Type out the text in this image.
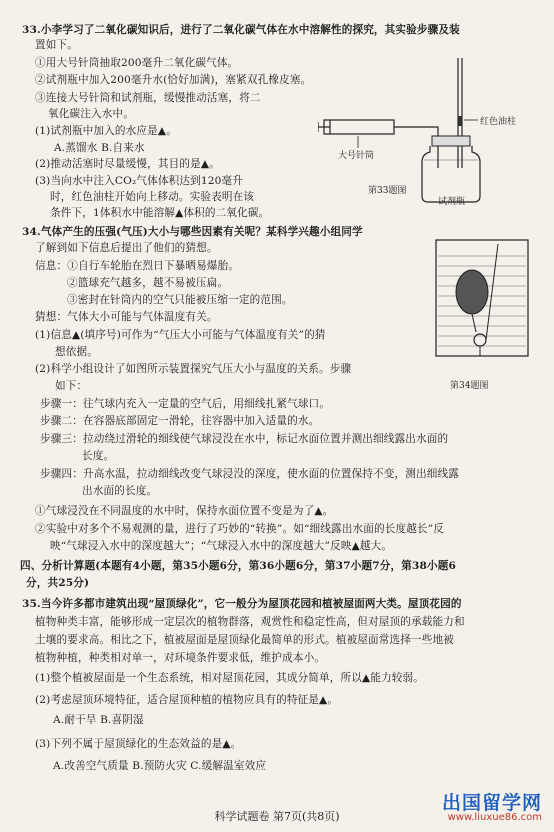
33.小李学习了二氧化碳知识后，进行了二氧化碳气体在水中溶解性的探究，其实验步骤及装
置如下。
①用大号针筒抽取200毫升二氧化碳气体。
②试剂瓶中加入200毫升水(恰好加满)，塞紧双孔橡皮塞。
③连接大号针筒和试剂瓶，缓慢推动活塞，将二
氧化碳注入水中。
(1)试剂瓶中加入的水应是▲。
A.蒸馏水 B.自来水
(2)推动活塞时尽量缓慢，其目的是▲。
(3)当向水中注入CO₂气体体积达到120毫升
时，红色油柱开始向上移动。实验表明在该
条件下，1体积水中能溶解▲体积的二氧化碳。
34.气体产生的压强(气压)大小与哪些因素有关呢？某科学兴趣小组同学
了解到如下信息后提出了他们的猜想。
信息：①自行车轮胎在烈日下暴晒易爆胎。
②篮球充气越多，越不易被压扁。
③密封在针筒内的空气只能被压缩一定的范围。
猜想：气体大小可能与气体温度有关。
(1)信息▲(填序号)可作为“气压大小可能与气体温度有关”的猜
想依据。
(2)科学小组设计了如图所示装置探究气压大小与温度的关系。步骤
如下：
步骤一：往气球内充入一定量的空气后，用细线扎紧气球口。
步骤二：在容器底部固定一滑轮，往容器中加入适量的水。
步骤三：拉动绕过滑轮的细线使气球浸没在水中，标记水面位置并测出细线露出水面的
长度。
步骤四：升高水温，拉动细线改变气球浸没的深度，使水面的位置保持不变，测出细线露
出水面的长度。
①气球浸没在不同温度的水中时，保持水面位置不变是为了▲。
②实验中对多个不易观测的量，进行了巧妙的“转换”。如“细线露出水面的长度越长”反
映“气球浸入水中的深度越大”；“气球浸入水中的深度越大”反映▲越大。
四、分析计算题(本题有4小题，第35小题6分，第36小题6分，第37小题7分，第38小题6
分，共25分)
35.当今许多都市建筑出现“屋顶绿化”，它一般分为屋顶花园和植被屋面两大类。屋顶花园的
植物种类丰富，能够形成一定层次的植物群落，观赏性和稳定性高，但对屋顶的承载能力和
土壤的要求高。相比之下，植被屋面是屋顶绿化最简单的形式。植被屋面常选择一些地被
植物种植，种类相对单一，对环境条件要求低，维护成本小。
(1)整个植被屋面是一个生态系统，相对屋顶花园，其成分简单，所以▲能力较弱。
(2)考虑屋顶环境特征，适合屋顶种植的植物应具有的特征是▲。
A.耐干旱 B.喜阴湿
(3)下列不属于屋顶绿化的生态效益的是▲。
A.改善空气质量 B.预防火灾 C.缓解温室效应
红色油柱
大号针筒
试剂瓶
第33题图
第34题图
科学试题卷 第7页(共8页)
出国留学网
www.liuxue86.com
